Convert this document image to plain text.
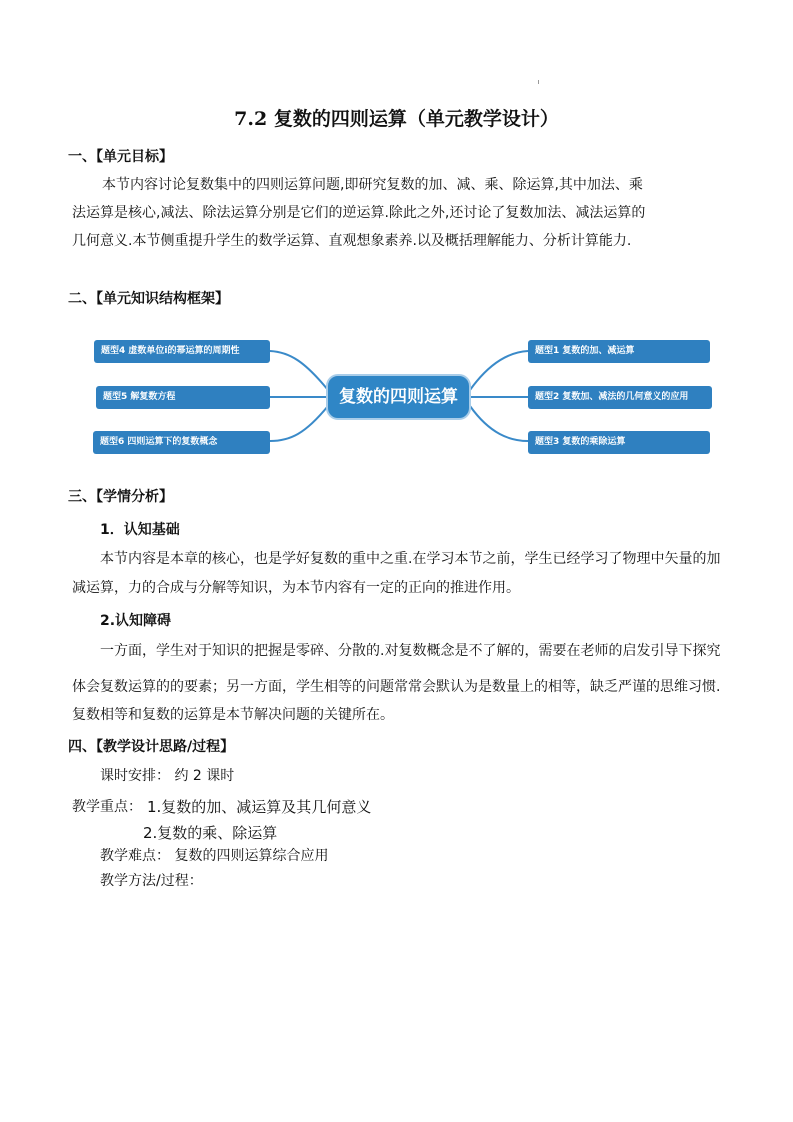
7.2 复数的四则运算（单元教学设计）
一、【单元目标】
本节内容讨论复数集中的四则运算问题,即研究复数的加、减、乘、除运算,其中加法、乘
法运算是核心,减法、除法运算分别是它们的逆运算.除此之外,还讨论了复数加法、减法运算的
几何意义.本节侧重提升学生的数学运算、直观想象素养.以及概括理解能力、分析计算能力.
二、【单元知识结构框架】
题型4 虚数单位i的幂运算的周期性
题型5 解复数方程
题型6 四则运算下的复数概念
复数的四则运算
题型1 复数的加、减运算
题型2 复数加、减法的几何意义的应用
题型3 复数的乘除运算
三、【学情分析】
1．认知基础
本节内容是本章的核心，也是学好复数的重中之重.在学习本节之前，学生已经学习了物理中矢量的加
减运算，力的合成与分解等知识，为本节内容有一定的正向的推进作用。
2.认知障碍
一方面，学生对于知识的把握是零碎、分散的.对复数概念是不了解的，需要在老师的启发引导下探究
体会复数运算的的要素；另一方面，学生相等的问题常常会默认为是数量上的相等，缺乏严谨的思维习惯.
复数相等和复数的运算是本节解决问题的关键所在。
四、【教学设计思路/过程】
课时安排： 约 2 课时
教学重点： 1.复数的加、减运算及其几何意义
2.复数的乘、除运算
教学难点： 复数的四则运算综合应用
教学方法/过程：
